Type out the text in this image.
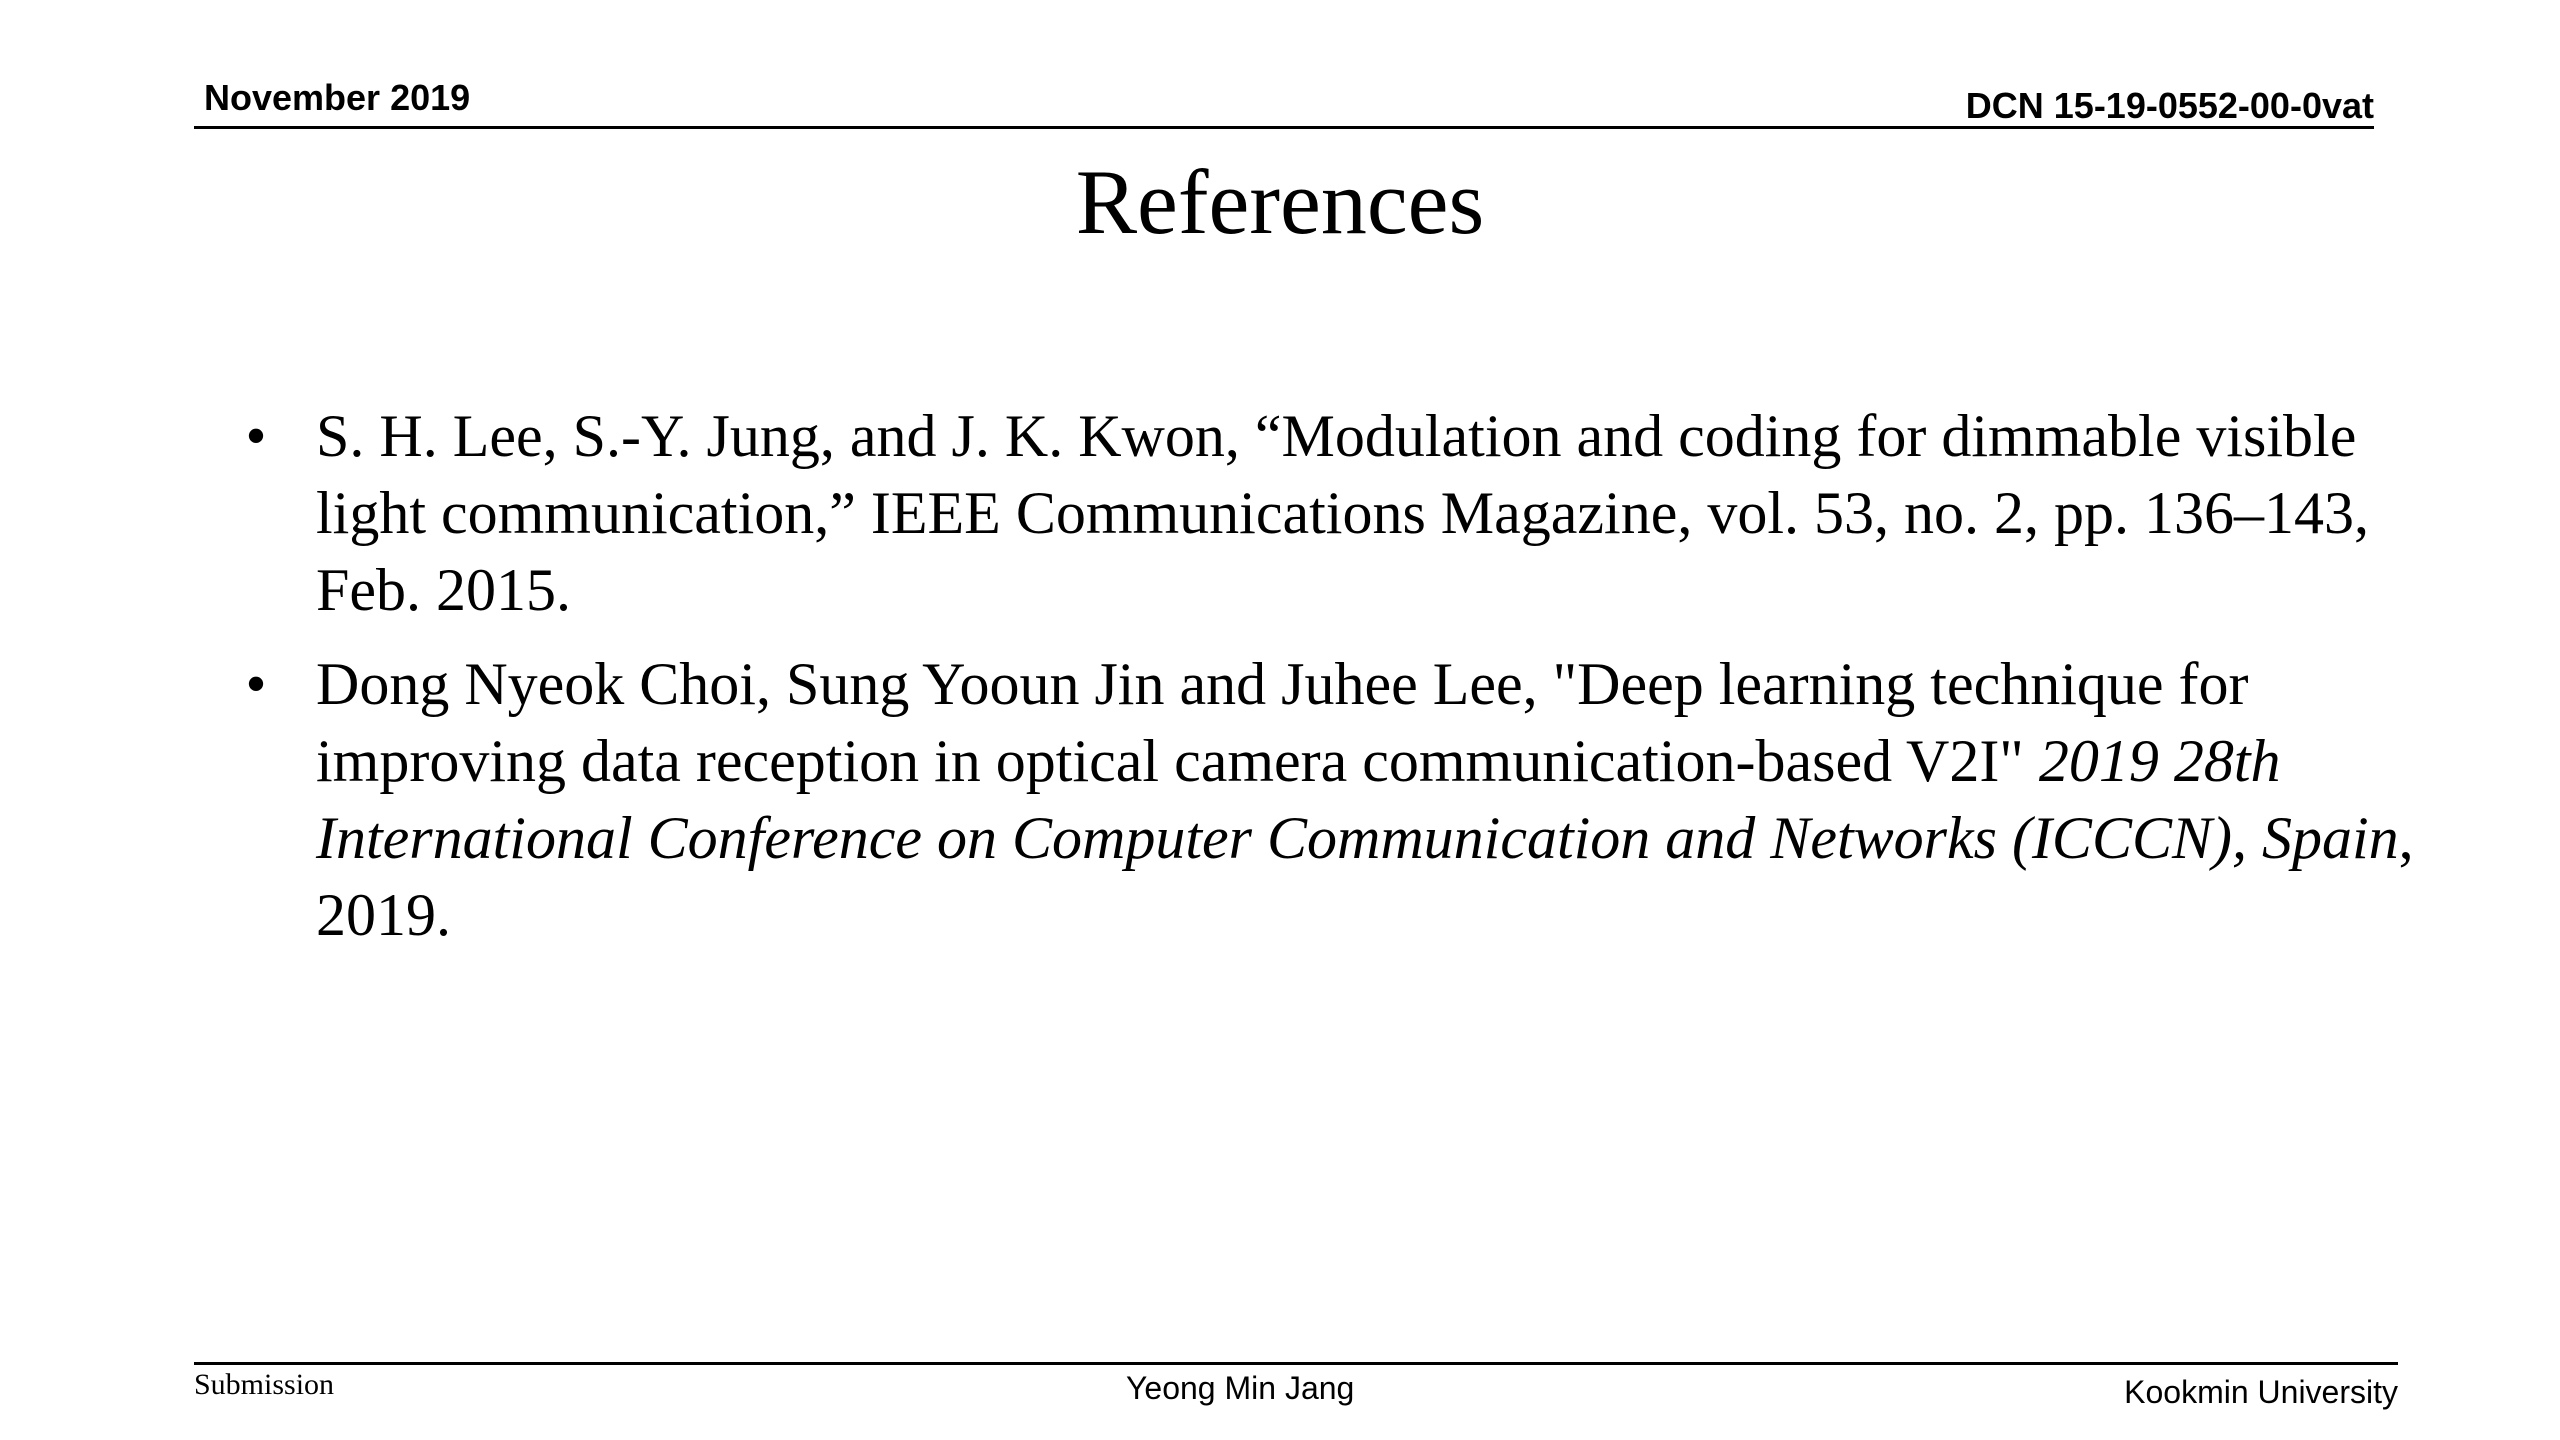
November 2019	DCN 15-19-0552-00-0vat
References
• S. H. Lee, S.-Y. Jung, and J. K. Kwon, “Modulation and coding for dimmable visible light communication,” IEEE Communications Magazine, vol. 53, no. 2, pp. 136–143, Feb. 2015.
• Dong Nyeok Choi, Sung Yooun Jin and Juhee Lee, "Deep learning technique for improving data reception in optical camera communication-based V2I" 2019 28th International Conference on Computer Communication and Networks (ICCCN), Spain, 2019.
Submission	Yeong Min Jang	Kookmin University
